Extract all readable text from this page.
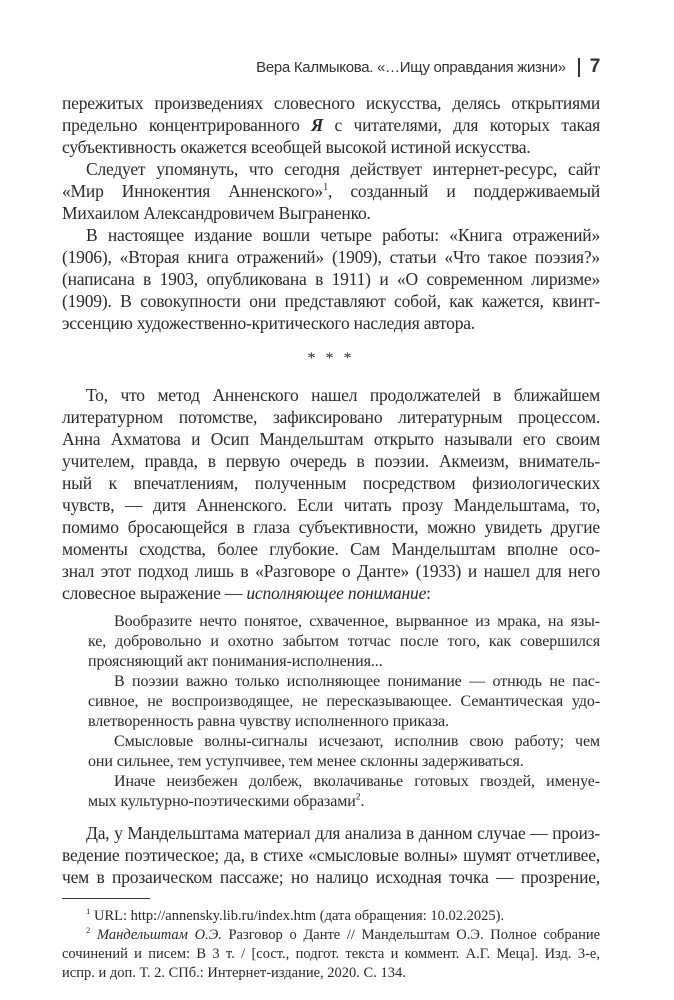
Вера Калмыкова. «…Ищу оправдания жизни» 7
пережитых произведениях словесного искусства, делясь открытиями
предельно концентрированного Я с читателями, для которых такая
субъективность окажется всеобщей высокой истиной искусства.
Следует упомянуть, что сегодня действует интернет-ресурс, сайт
«Мир Иннокентия Анненского»$^1$, созданный и поддерживаемый
Михаилом Александровичем Выграненко.
В настоящее издание вошли четыре работы: «Книга отражений»
(1906), «Вторая книга отражений» (1909), статьи «Что такое поэзия?»
(написана в 1903, опубликована в 1911) и «О современном лиризме»
(1909). В совокупности они представляют собой, как кажется, квинт-
эссенцию художественно-критического наследия автора.
* * *
То, что метод Анненского нашел продолжателей в ближайшем
литературном потомстве, зафиксировано литературным процессом.
Анна Ахматова и Осип Мандельштам открыто называли его своим
учителем, правда, в первую очередь в поэзии. Акмеизм, вниматель-
ный к впечатлениям, полученным посредством физиологических
чувств, — дитя Анненского. Если читать прозу Мандельштама, то,
помимо бросающейся в глаза субъективности, можно увидеть другие
моменты сходства, более глубокие. Сам Мандельштам вполне осо-
знал этот подход лишь в «Разговоре о Данте» (1933) и нашел для него
словесное выражение — исполняющее понимание:
Вообразите нечто понятое, схваченное, вырванное из мрака, на язы-
ке, добровольно и охотно забытом тотчас после того, как совершился
проясняющий акт понимания-исполнения...
В поэзии важно только исполняющее понимание — отнюдь не пас-
сивное, не воспроизводящее, не пересказывающее. Семантическая удо-
влетворенность равна чувству исполненного приказа.
Смысловые волны-сигналы исчезают, исполнив свою работу; чем
они сильнее, тем уступчивее, тем менее склонны задерживаться.
Иначе неизбежен долбеж, вколачиванье готовых гвоздей, именуе-
мых культурно-поэтическими образами$^2$.
Да, у Мандельштама материал для анализа в данном случае — произ-
ведение поэтическое; да, в стихе «смысловые волны» шумят отчетливее,
чем в прозаическом пассаже; но налицо исходная точка — прозрение,
$^1$ URL: http://annensky.lib.ru/index.htm (дата обращения: 10.02.2025).
$^2$ Мандельштам О.Э. Разговор о Данте // Мандельштам О.Э. Полное собрание
сочинений и писем: В 3 т. / [сост., подгот. текста и коммент. А.Г. Меца]. Изд. 3-е,
испр. и доп. Т. 2. СПб.: Интернет-издание, 2020. С. 134.
